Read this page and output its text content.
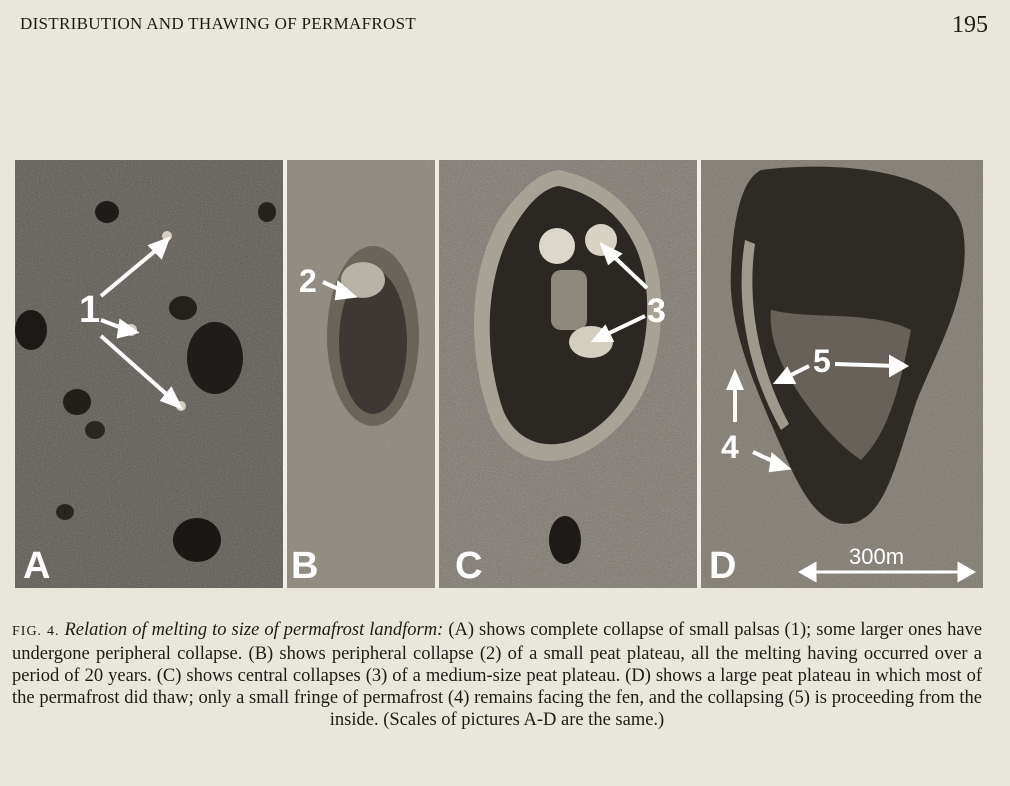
DISTRIBUTION AND THAWING OF PERMAFROST	195
1
A
2
B
3
C
5
4
300m
D

FIG. 4. Relation of melting to size of permafrost landform: (A) shows complete collapse of small palsas (1); some larger ones have undergone peripheral collapse. (B) shows peripheral collapse (2) of a small peat plateau, all the melting having occurred over a period of 20 years. (C) shows central collapses (3) of a medium-size peat plateau. (D) shows a large peat plateau in which most of the permafrost did thaw; only a small fringe of permafrost (4) remains facing the fen, and the collapsing (5) is proceeding from the inside. (Scales of pictures A-D are the same.)
